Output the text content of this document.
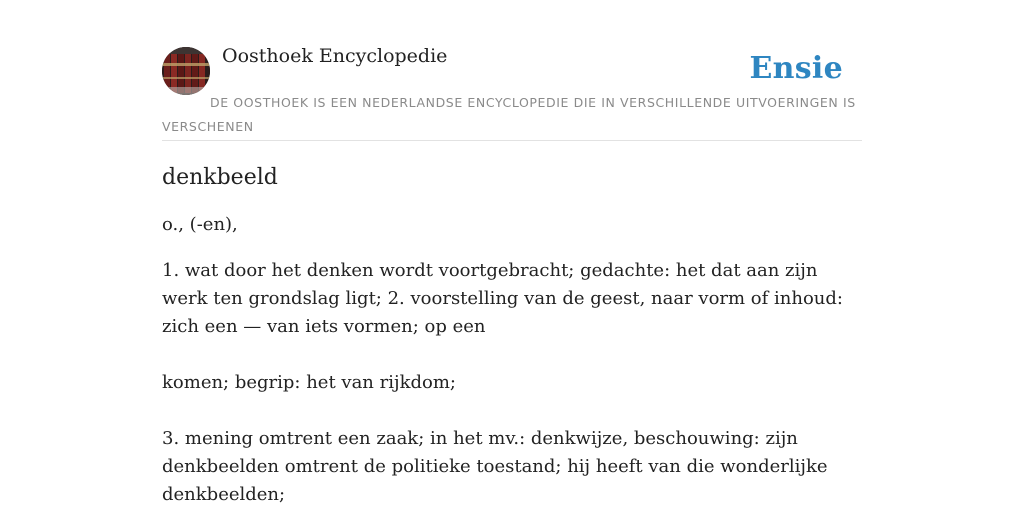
Oosthoek Encyclopedie	Ensie
DE OOSTHOEK IS EEN NEDERLANDSE ENCYCLOPEDIE DIE IN VERSCHILLENDE UITVOERINGEN IS VERSCHENEN
denkbeeld

o., (-en),

1. wat door het denken wordt voortgebracht; gedachte: het dat aan zijn werk ten grondslag ligt; 2. voorstelling van de geest, naar vorm of inhoud: zich een — van iets vormen; op een

komen; begrip: het van rijkdom;

3. mening omtrent een zaak; in het mv.: denkwijze, beschouwing: zijn denkbeelden omtrent de politieke toestand; hij heeft van die wonderlijke denkbeelden;
